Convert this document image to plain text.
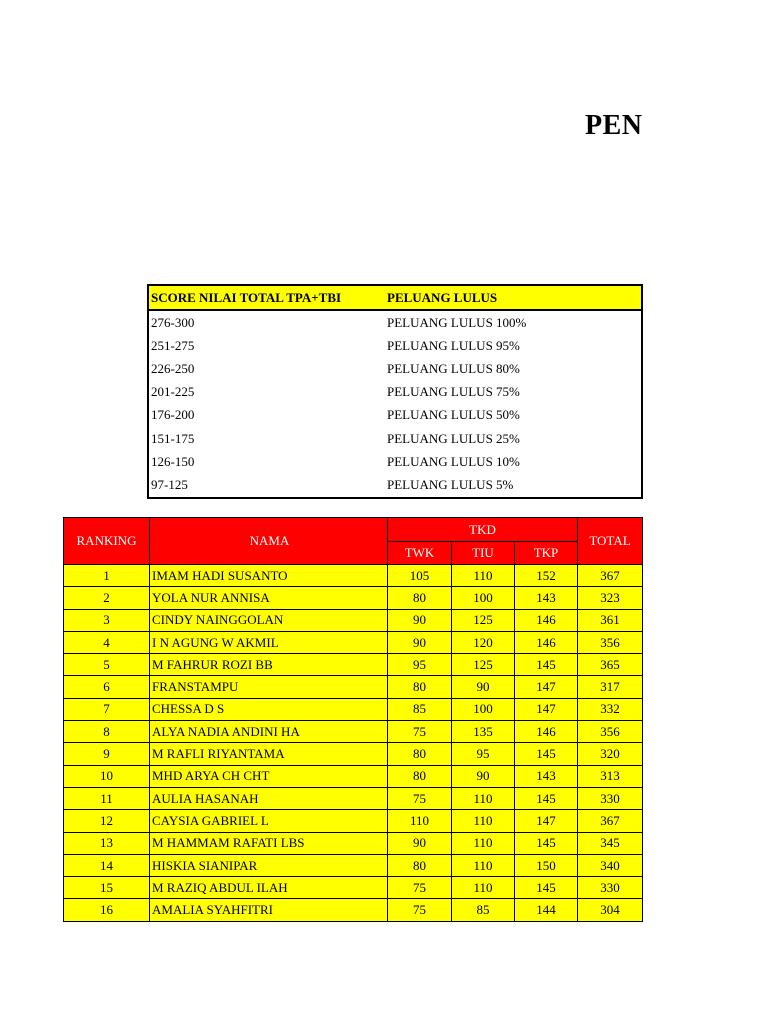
PEN
SCORE NILAI TOTAL TPA+TBI	PELUANG LULUS
276-300	PELUANG LULUS 100%
251-275	PELUANG LULUS 95%
226-250	PELUANG LULUS 80%
201-225	PELUANG LULUS 75%
176-200	PELUANG LULUS 50%
151-175	PELUANG LULUS 25%
126-150	PELUANG LULUS 10%
97-125	PELUANG LULUS 5%
RANKING	NAMA	TKD			TOTAL
		TWK	TIU	TKP	
1	IMAM HADI SUSANTO	105	110	152	367
2	YOLA NUR ANNISA	80	100	143	323
3	CINDY NAINGGOLAN	90	125	146	361
4	I N AGUNG W AKMIL	90	120	146	356
5	M FAHRUR ROZI BB	95	125	145	365
6	FRANSTAMPU	80	90	147	317
7	CHESSA D S	85	100	147	332
8	ALYA NADIA ANDINI HA	75	135	146	356
9	M RAFLI RIYANTAMA	80	95	145	320
10	MHD ARYA CH CHT	80	90	143	313
11	AULIA HASANAH	75	110	145	330
12	CAYSIA GABRIEL L	110	110	147	367
13	M HAMMAM RAFATI LBS	90	110	145	345
14	HISKIA SIANIPAR	80	110	150	340
15	M RAZIQ ABDUL ILAH	75	110	145	330
16	AMALIA SYAHFITRI	75	85	144	304
